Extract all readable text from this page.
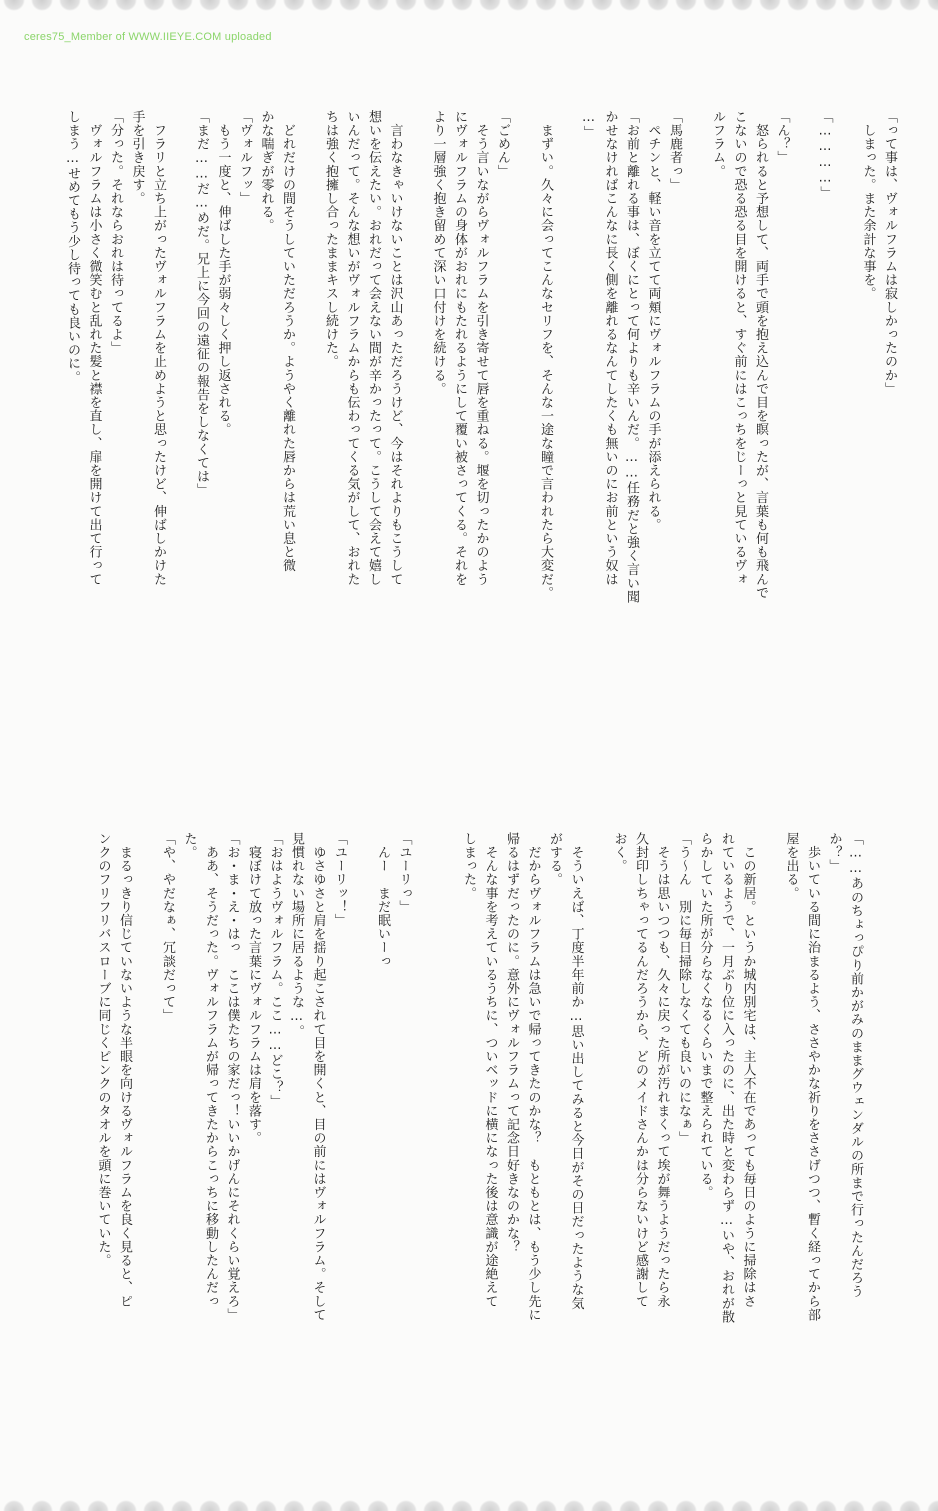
ceres75_Member of WWW.IIEYE.COM uploaded

「って事は、ヴォルフラムは寂しかったのか」

　しまった。また余計な事を。

「…………」

「ん？」

　怒られると予想して、両手で頭を抱え込んで目を瞑ったが、言葉も何も飛んで

こないので恐る恐る目を開けると、すぐ前にはこっちをじーっと見ているヴォ

ルフラム。

「馬鹿者っ」

　ペチンと、軽い音を立てて両頬にヴォルフラムの手が添えられる。

「お前と離れる事は、ぼくにとって何よりも辛いんだ。……任務だと強く言い聞

かせなければこんなに長く側を離れるなんてしたくも無いのにお前という奴は

…」

　まずい。久々に会ってこんなセリフを、そんな一途な瞳で言われたら大変だ。

「ごめん」

　そう言いながらヴォルフラムを引き寄せて唇を重ねる。堰を切ったかのよう

にヴォルフラムの身体がおれにもたれるようにして覆い被さってくる。それを

より一層強く抱き留めて深い口付けを続ける。

　言わなきゃいけないことは沢山あっただろうけど、今はそれよりもこうして

想いを伝えたい。おれだって会えない間が辛かったって。こうして会えて嬉し

いんだって。そんな想いがヴォルフラムからも伝わってくる気がして、おれた

ちは強く抱擁し合ったままキスし続けた。

　どれだけの間そうしていただろうか。ようやく離れた唇からは荒い息と微

かな喘ぎが零れる。

「ヴォルフッ」

　もう一度と、伸ばした手が弱々しく押し返される。

「まだ……だ…めだ。兄上に今回の遠征の報告をしなくては」

　フラリと立ち上がったヴォルフラムを止めようと思ったけど、伸ばしかけた

手を引き戻す。

「分った。それならおれは待ってるよ」

　ヴォルフラムは小さく微笑むと乱れた髪と襟を直し、扉を開けて出て行って

しまう…せめてもう少し待っても良いのに。

「……あのちょっぴり前かがみのままグウェンダルの所まで行ったんだろう

か？」

　歩いている間に治まるよう、ささやかな祈りをささげつつ、暫く経ってから部

屋を出る。

　この新居。というか城内別宅は、主人不在であっても毎日のように掃除はさ

れているようで、一月ぶり位に入ったのに、出た時と変わらず…いや、おれが散

らかしていた所が分らなくなるくらいまで整えられている。

「う〜ん　別に毎日掃除しなくても良いのになぁ」

　そうは思いつつも、久々に戻った所が汚れまくって埃が舞うようだったら永

久封印しちゃってるんだろうから、どのメイドさんかは分らないけど感謝して

おく。

　そういえば、丁度半年前か…思い出してみると今日がその日だったような気

がする。

　だからヴォルフラムは急いで帰ってきたのかな？　もともとは、もう少し先に

帰るはずだったのに。意外にヴォルフラムって記念日好きなのかな？

　そんな事を考えているうちに、ついベッドに横になった後は意識が途絶えて

しまった。

「ユーリっ」

　んー　まだ眠いーっ

「ユーリッ！」

　ゆさゆさと肩を揺り起こされて目を開くと、目の前にはヴォルフラム。そして

見慣れない場所に居るような…。

「おはようヴォルフラム。ここ……どこ？」

　寝ぼけて放った言葉にヴォルフラムは肩を落す。

「お・ま・え・はっ　ここは僕たちの家だっ！いいかげんにそれくらい覚えろ」

　ああ、そうだった。ヴォルフラムが帰ってきたからこっちに移動したんだっ

た。

「や、やだなぁ、冗談だって」

　まるっきり信じていないような半眼を向けるヴォルフラムを良く見ると、ピ

ンクのフリフリバスローブに同じくピンクのタオルを頭に巻いていた。
